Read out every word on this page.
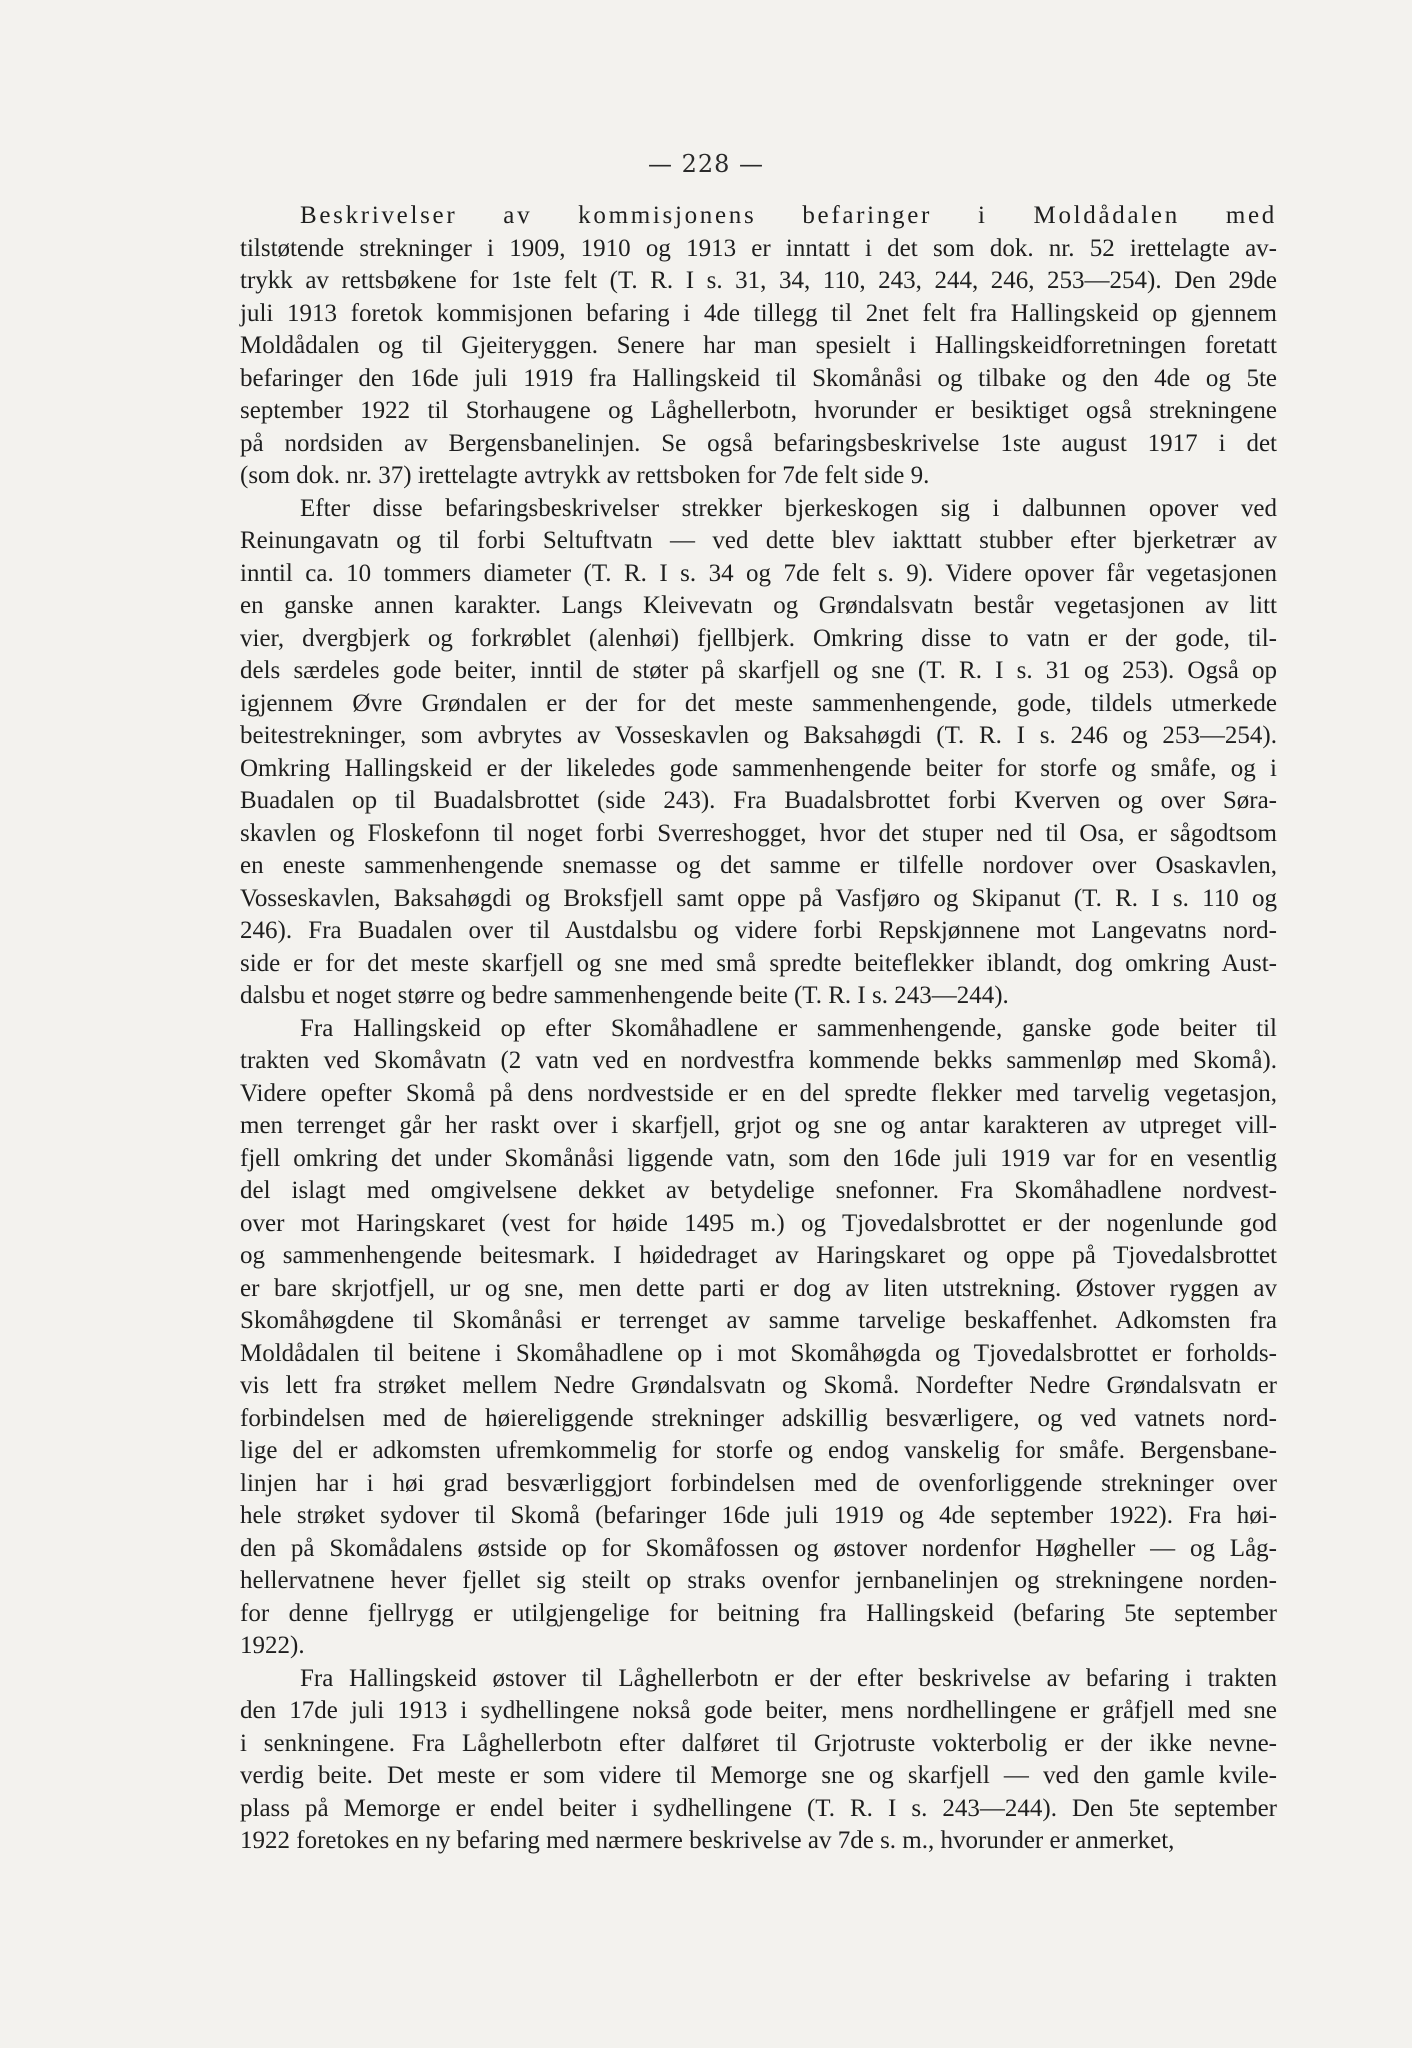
— 228 —
Beskrivelser av kommisjonens befaringer i Moldådalen med
tilstøtende strekninger i 1909, 1910 og 1913 er inntatt i det som dok. nr. 52 irettelagte av-
trykk av rettsbøkene for 1ste felt (T. R. I s. 31, 34, 110, 243, 244, 246, 253—254). Den 29de
juli 1913 foretok kommisjonen befaring i 4de tillegg til 2net felt fra Hallingskeid op gjennem
Moldådalen og til Gjeiteryggen. Senere har man spesielt i Hallingskeidforretningen foretatt
befaringer den 16de juli 1919 fra Hallingskeid til Skomånåsi og tilbake og den 4de og 5te
september 1922 til Storhaugene og Låghellerbotn, hvorunder er besiktiget også strekningene
på nordsiden av Bergensbanelinjen. Se også befaringsbeskrivelse 1ste august 1917 i det
(som dok. nr. 37) irettelagte avtrykk av rettsboken for 7de felt side 9.
Efter disse befaringsbeskrivelser strekker bjerkeskogen sig i dalbunnen opover ved
Reinungavatn og til forbi Seltuftvatn — ved dette blev iakttatt stubber efter bjerketrær av
inntil ca. 10 tommers diameter (T. R. I s. 34 og 7de felt s. 9). Videre opover får vegetasjonen
en ganske annen karakter. Langs Kleivevatn og Grøndalsvatn består vegetasjonen av litt
vier, dvergbjerk og forkrøblet (alenhøi) fjellbjerk. Omkring disse to vatn er der gode, til-
dels særdeles gode beiter, inntil de støter på skarfjell og sne (T. R. I s. 31 og 253). Også op
igjennem Øvre Grøndalen er der for det meste sammenhengende, gode, tildels utmerkede
beitestrekninger, som avbrytes av Vosseskavlen og Baksahøgdi (T. R. I s. 246 og 253—254).
Omkring Hallingskeid er der likeledes gode sammenhengende beiter for storfe og småfe, og i
Buadalen op til Buadalsbrottet (side 243). Fra Buadalsbrottet forbi Kverven og over Søra-
skavlen og Floskefonn til noget forbi Sverreshogget, hvor det stuper ned til Osa, er sågodtsom
en eneste sammenhengende snemasse og det samme er tilfelle nordover over Osaskavlen,
Vosseskavlen, Baksahøgdi og Broksfjell samt oppe på Vasfjøro og Skipanut (T. R. I s. 110 og
246). Fra Buadalen over til Austdalsbu og videre forbi Repskjønnene mot Langevatns nord-
side er for det meste skarfjell og sne med små spredte beiteflekker iblandt, dog omkring Aust-
dalsbu et noget større og bedre sammenhengende beite (T. R. I s. 243—244).
Fra Hallingskeid op efter Skomåhadlene er sammenhengende, ganske gode beiter til
trakten ved Skomåvatn (2 vatn ved en nordvestfra kommende bekks sammenløp med Skomå).
Videre opefter Skomå på dens nordvestside er en del spredte flekker med tarvelig vegetasjon,
men terrenget går her raskt over i skarfjell, grjot og sne og antar karakteren av utpreget vill-
fjell omkring det under Skomånåsi liggende vatn, som den 16de juli 1919 var for en vesentlig
del islagt med omgivelsene dekket av betydelige snefonner. Fra Skomåhadlene nordvest-
over mot Haringskaret (vest for høide 1495 m.) og Tjovedalsbrottet er der nogenlunde god
og sammenhengende beitesmark. I høidedraget av Haringskaret og oppe på Tjovedalsbrottet
er bare skrjotfjell, ur og sne, men dette parti er dog av liten utstrekning. Østover ryggen av
Skomåhøgdene til Skomånåsi er terrenget av samme tarvelige beskaffenhet. Adkomsten fra
Moldådalen til beitene i Skomåhadlene op i mot Skomåhøgda og Tjovedalsbrottet er forholds-
vis lett fra strøket mellem Nedre Grøndalsvatn og Skomå. Nordefter Nedre Grøndalsvatn er
forbindelsen med de høiereliggende strekninger adskillig besværligere, og ved vatnets nord-
lige del er adkomsten ufremkommelig for storfe og endog vanskelig for småfe. Bergensbane-
linjen har i høi grad besværliggjort forbindelsen med de ovenforliggende strekninger over
hele strøket sydover til Skomå (befaringer 16de juli 1919 og 4de september 1922). Fra høi-
den på Skomådalens østside op for Skomåfossen og østover nordenfor Høgheller — og Låg-
hellervatnene hever fjellet sig steilt op straks ovenfor jernbanelinjen og strekningene norden-
for denne fjellrygg er utilgjengelige for beitning fra Hallingskeid (befaring 5te september
1922).
Fra Hallingskeid østover til Låghellerbotn er der efter beskrivelse av befaring i trakten
den 17de juli 1913 i sydhellingene nokså gode beiter, mens nordhellingene er gråfjell med sne
i senkningene. Fra Låghellerbotn efter dalføret til Grjotruste vokterbolig er der ikke nevne-
verdig beite. Det meste er som videre til Memorge sne og skarfjell — ved den gamle kvile-
plass på Memorge er endel beiter i sydhellingene (T. R. I s. 243—244). Den 5te september
1922 foretokes en ny befaring med nærmere beskrivelse av 7de s. m., hvorunder er anmerket,
